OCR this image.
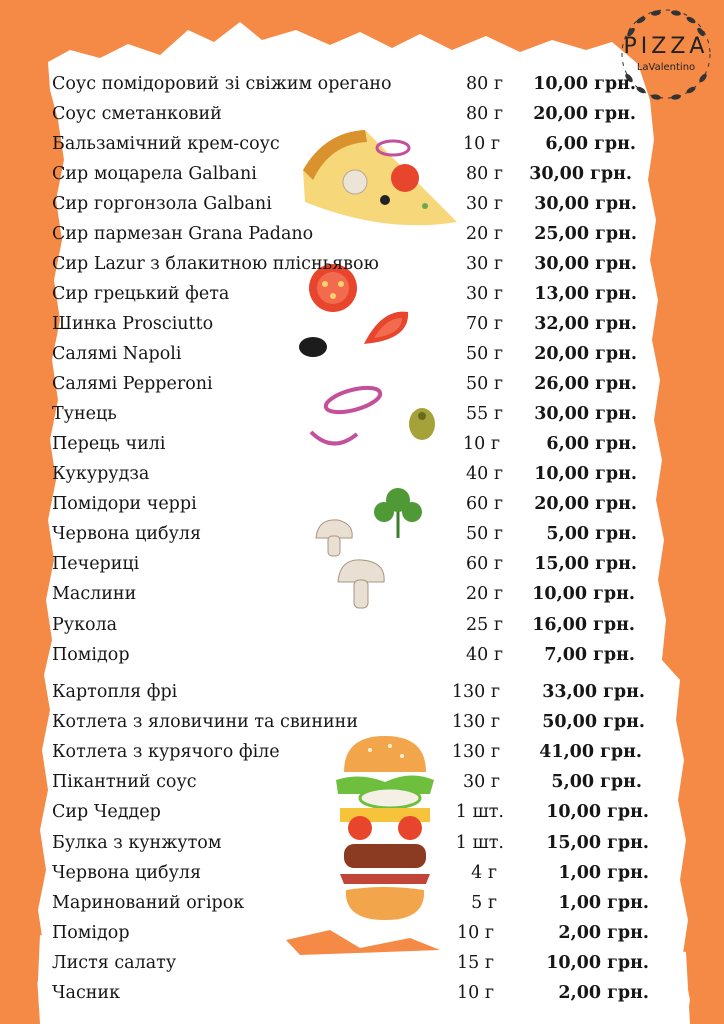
PIZZA
LaValentino
Соус помідоровий зі свіжим орегано	80 г	10,00 грн.
Соус сметанковий	80 г	20,00 грн.
Бальзамічний крем-соус	10 г	6,00 грн.
Сир моцарела Galbani	80 г	30,00 грн.
Сир горгонзола Galbani	30 г	30,00 грн.
Сир пармезан Grana Padano	20 г	25,00 грн.
Сир Lazur з блакитною плісньявою	30 г	30,00 грн.
Сир грецький фета	30 г	13,00 грн.
Шинка Prosciutto	70 г	32,00 грн.
Салямі Napoli	50 г	20,00 грн.
Салямі Pepperoni	50 г	26,00 грн.
Тунець	55 г	30,00 грн.
Перець чилі	10 г	6,00 грн.
Кукурудза	40 г	10,00 грн.
Помідори черрі	60 г	20,00 грн.
Червона цибуля	50 г	5,00 грн.
Печериці	60 г	15,00 грн.
Маслини	20 г	10,00 грн.
Рукола	25 г	16,00 грн.
Помідор	40 г	7,00 грн.
Картопля фрі	130 г	33,00 грн.
Котлета з яловичини та свинини	130 г	50,00 грн.
Котлета з курячого філе	130 г	41,00 грн.
Пікантний соус	30 г	5,00 грн.
Сир Чеддер	1 шт.	10,00 грн.
Булка з кунжутом	1 шт.	15,00 грн.
Червона цибуля	4 г	1,00 грн.
Маринований огірок	5 г	1,00 грн.
Помідор	10 г	2,00 грн.
Листя салату	15 г	10,00 грн.
Часник	10 г	2,00 грн.
